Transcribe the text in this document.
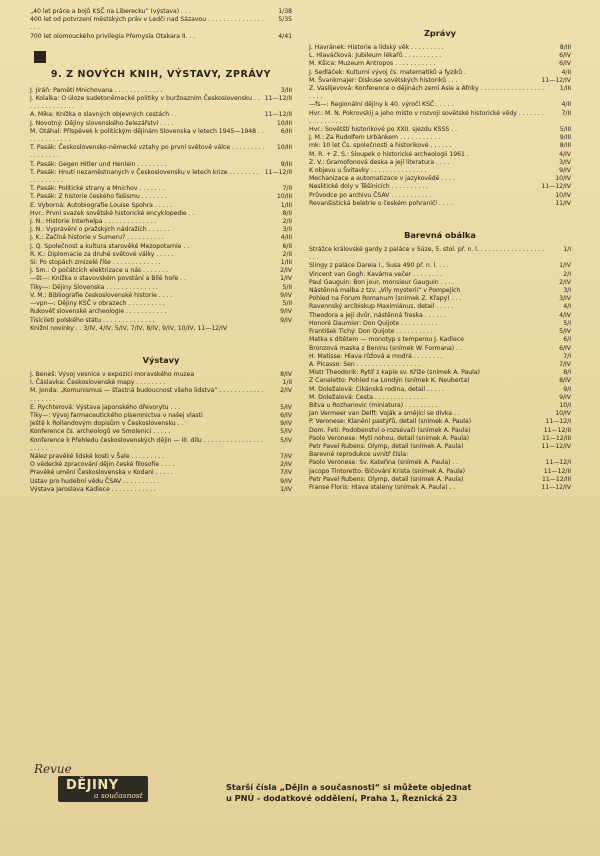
„40 let práce a bojů KSČ na Liberecku“ (výstava) . . .	1/38
400 let od potvrzení městských práv v Ledči nad Sázavou . . . . . . . . . . . . . . . . . .
5/35
700 let olomouckého privilegia Přemysla Otakara II. . .	4/41
9. Z NOVÝCH KNIH, VÝSTAVY, ZPRÁVY
J. Jiráň: Pamětí Mnichovana . . . . . . . . . . . . .	3/III
J. Kolalka: O úloze sudetoněmecké politiky v buržoazním Československu . . . . . . . . . . . . . .
11—12/II
A. Míka: Knížka o slavných objevných cestách . .	11—12/II
J. Novotný: Dějiny slovenského železářství . . . .	10/III
M. Otáhal: Příspěvek k politickým dějinám Slovenska v letech 1945—1948 . . . . . . . . . . . . .
6/III
T. Pasák: Československo-německé vztahy po první světové válce . . . . . . . . . . . . . . . . .
10/III
T. Pasák: Gegen Hitler und Henlein . . . . . . . .	9/III
T. Pasák: Hnutí nezaměstnaných v Československu v letech krize . . . . . . . . . . . . . . . . .
11—12/II
T. Pasák: Politické strany a Mnichov . . . . . . .	7/II
T. Pasák: Z historie českého fašismu . . . . . . .	10/III
E. Vyborná: Autobiografie Louise Spohra . . . . .	1/III
Hvr.: První svazek sovětské historické encyklopedie . .	8/II
J. N.: Historie Interhelpa . . . . . . . . . . . . . .	2/II
J. N.: Vyprávění o pražských nádražích . . . . . .	3/II
J. K.: Začíná historie v Sumeru? . . . . . . . . . .	4/III
J. Q. Společnost a kultura starověké Mezopotamie . .	6/II
R. K.: Diplomacie za druhé světové války . . . . .	2/II
Si: Po stopách zmizelé říše . . . . . . . . . . . . .	1/III
J. Sm.: O počátcích elektrizace u nás . . . . . . .	2/IV
—št—: Knížka o stavovském povstání a Bílé hoře . .	1/IV
Tiky—: Dějiny Slovenska . . . . . . . . . . . . . .	5/II
V. M.: Bibliografie československé historie . . . .	9/IV
—vpn—: Dějiny KSČ v obrazech . . . . . . . . . .	5/II
Rukověť slovenské archeologie . . . . . . . . . . .	9/IV
Tisíciletí polského státu . . . . . . . . . . . . . .	9/IV
Knižní novinky . . 3/IV, 4/IV, 5/IV, 7/IV, 8/IV, 9/IV, 10/IV, 11—12/IV
Výstavy
J. Beneš: Vývoj vesnice v expozici moravského muzea	8/IV
I. Čáslavka: Československé mapy . . . . . . . .	1/II
M. Jonda: „Komunismus — šťastná budoucnost všeho lidstva“ . . . . . . . . . . . . . . . . . . .
2/IV
E. Rychterová: Výstava japonského dřevorytu . . .	5/IV
Tiky—: Vývoj farmaceutického písemnictva v našej vlasti	6/IV
Ještě k Rollandovým dopisům v Československu . .	9/IV
Konference čs. archeologů ve Smolenici . . . . .	5/IV
Konference k Přehledu československých dějin — III. dílu . . . . . . . . . . . . . . . . . . . . .
5/IV
Nález pravěké lidské kosti v Šale . . . . . . . . .	7/IV
O vědecké zpracování dějin české filosofie . . . .	2/IV
Pravěké umění Československa v Kodani . . . . .	7/IV
Ustav pro hudební vědu ČSAV . . . . . . . . . .	9/IV
Výstava Jaroslava Kadlece . . . . . . . . . . . .	1/IV
Zprávy
J. Havránek: Historie a lidský věk . . . . . . . . .	8/III
L. Hlaváčková: Jubileum lékařů . . . . . . . . . .	6/IV
M. Kšica: Muzeum Antropos . . . . . . . . . . .	6/IV
J. Sedláček: Kulturní vývoj čs. matematiků a fyziků .	4/II
M. Švankmajer: Diskuse sovětských historiků . . .	11—12/IV
Z. Vasiljevová: Konference o dějinách zemí Asie a Afriky . . . . . . . . . . . . . . . . . . . . .
1/III
—fs—: Regionální dějiny k 40. výročí KSČ . . . . .	4/II
Hvr.: M. N. Pokrovskij a jeho místo v rozvoji sovětské historické vědy . . . . . . . . . . . . . . . .
7/II
Hvr.: Sovětští historikové po XXII. sjezdu KSSS . .	5/III
J. M.: Za Rudolfem Urbánkem . . . . . . . . . . .	9/III
mk: 10 let Čs. společnosti a historikové . . . . . .	8/III
M. R. + Z. S.: Sloupek o historické archeologii 1961 .	4/IV
Z. V.: Gramofonová deska a její literatura . . . .	3/IV
K objevu u Švitavky . . . . . . . . . . . . . . .	9/IV
Mechanizace a automatizace v jazykovědě . . . .	10/IV
Neslitické doly v Těšínicích . . . . . . . . . .	11—12/IV
Průvodce po archivu ČSAV . . . . . . . . . . .	10/IV
Revanšistická beletrie o českém pohraničí . . . .	11/IV
Barevná obálka
Strážce královské gardy z paláce v Súze, 5. stol. př. n. l. . . . . . . . . . . . . . . . . . . . .
1/I
Slingy z paláce Dareia I., Susa 490 př. n. l. . . .	1/IV
Vincent van Gogh: Kavárna večer . . . . . . . .	2/I
Paul Gauguin: Bon jour, monsieur Gauguin . . . .	2/IV
Nástěnná malba z tzv. „Vily mysterií“ v Pompejích	3/I
Pohled na Forum Romanum (snímek Z. Křapy) . . .	3/IV
Ravennský arcibiskup Maximiánus, detail . . . . .	4/I
Theodora a její dvůr, nástěnná freska . . . . . .	4/IV
Honoré Daumier: Don Quijote . . . . . . . . . .	5/I
František Tichý: Don Quijote . . . . . . . . . .	5/IV
Matka s dítětem — monotyp s temperou J. Kadlece	6/I
Bronzová maska z Beninu (snímek W. Formana) . .	6/IV
H. Matisse: Hlava růžová a modrá . . . . . . . .	7/I
A. Picasso: Sen . . . . . . . . . . . . . . . . .	7/IV
Mistr Theodorik: Rytíř z kaple sv. Kříže (snímek A. Paula)	8/I
Z Canaletto: Pohled na Londýn (snímek K. Neuberta)	8/IV
M. Doležalová: Cikánská rodina, detail . . . . .	9/I
M. Doležalová: Cesta . . . . . . . . . . . . . .	9/IV
Bitva u Rozhanovic (miniatura) . . . . . . . . .	10/I
Jan Vermeer van Delft: Voják a smějící se dívka . .	10/IV
P. Veronese: Klanění pastýřů, detail (snímek A. Paula)	11—12/I
Dom. Feti: Podobenství o rozsévači (snímek A. Paula)	11—12/II
Paolo Veronese: Mytí nohou, detail (snímek A. Paula)	11—12/III
Petr Pavel Rubens: Olymp, detail (snímek A. Paula)	11—12/IV
Barevné reprodukce uvnitř čísla:
Paolo Veronese: Sv. Kateřina (snímek A. Paula) . .	11—12/I
Jacopo Tintoretto: Bičování Krista (snímek A. Paula)	11—12/II
Petr Pavel Rubens: Olymp, detail (snímek A. Paula)	11—12/III
Franse Floris: Hlava staleny (snímek A. Paula) . .	11—12/IV
Revue
DĚJINY
a současnost
Starší čísla „Dějin a současnosti“ si můžete objednat
u PNÚ - dodatkové oddělení, Praha 1, Řeznická 23
